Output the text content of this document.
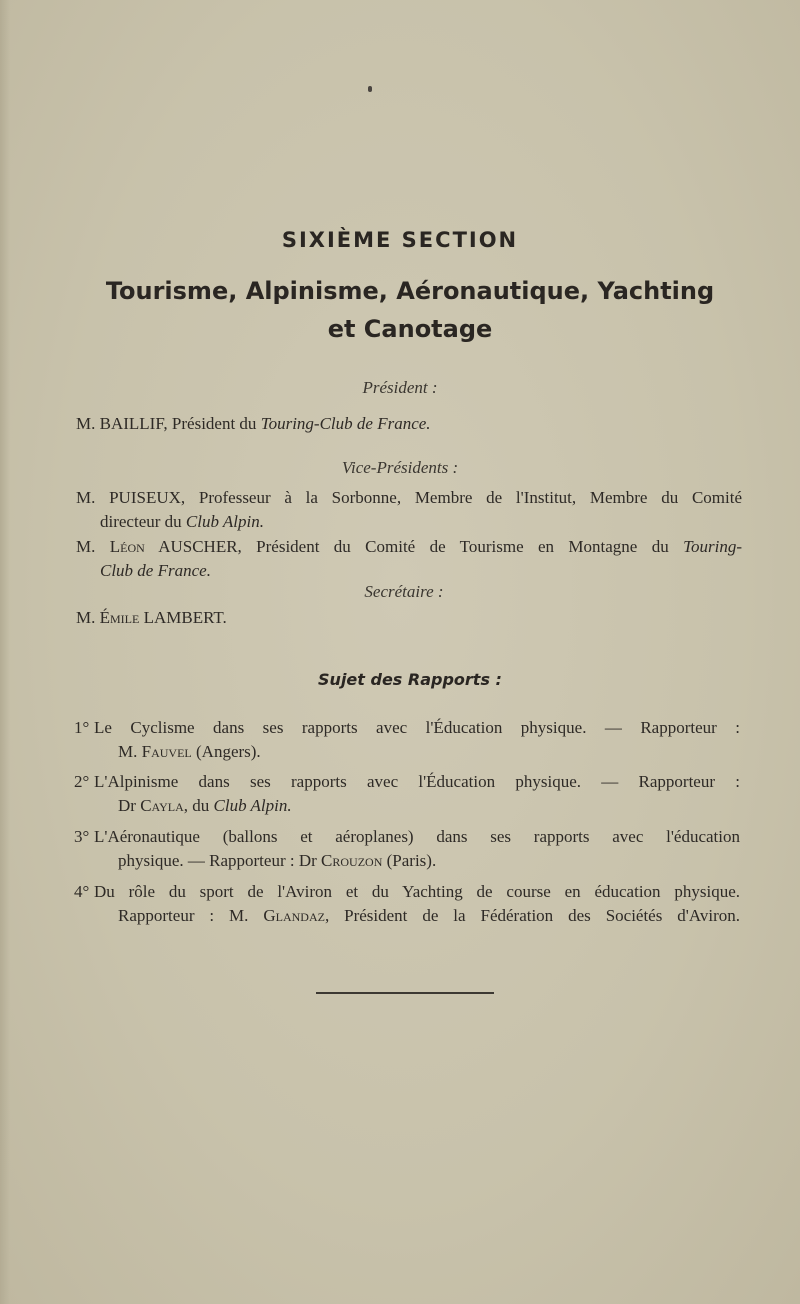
SIXIÈME SECTION
Tourisme, Alpinisme, Aéronautique, Yachting
et Canotage
Président :
M. BAILLIF, Président du Touring-Club de France.
Vice-Présidents :
M. PUISEUX, Professeur à la Sorbonne, Membre de l'Institut, Membre du Comité
directeur du Club Alpin.
M. Léon AUSCHER, Président du Comité de Tourisme en Montagne du Touring-
Club de France.
Secrétaire :
M. Émile LAMBERT.
Sujet des Rapports :
1° Le Cyclisme dans ses rapports avec l'Éducation physique. — Rapporteur :
M. Fauvel (Angers).
2° L'Alpinisme dans ses rapports avec l'Éducation physique. — Rapporteur :
Dr Cayla, du Club Alpin.
3° L'Aéronautique (ballons et aéroplanes) dans ses rapports avec l'éducation
physique. — Rapporteur : Dr Crouzon (Paris).
4° Du rôle du sport de l'Aviron et du Yachting de course en éducation physique.
Rapporteur : M. Glandaz, Président de la Fédération des Sociétés d'Aviron.
